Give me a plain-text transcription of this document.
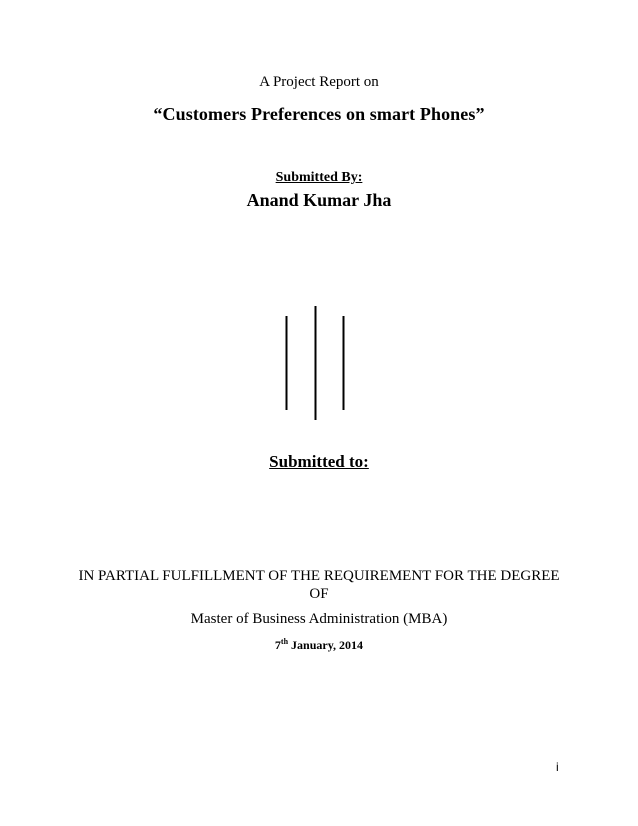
A Project Report on
“Customers Preferences on smart Phones”
Submitted By:
Anand Kumar Jha
Submitted to:
IN PARTIAL FULFILLMENT OF THE REQUIREMENT FOR THE DEGREE
OF
Master of Business Administration (MBA)
7th January, 2014
i
